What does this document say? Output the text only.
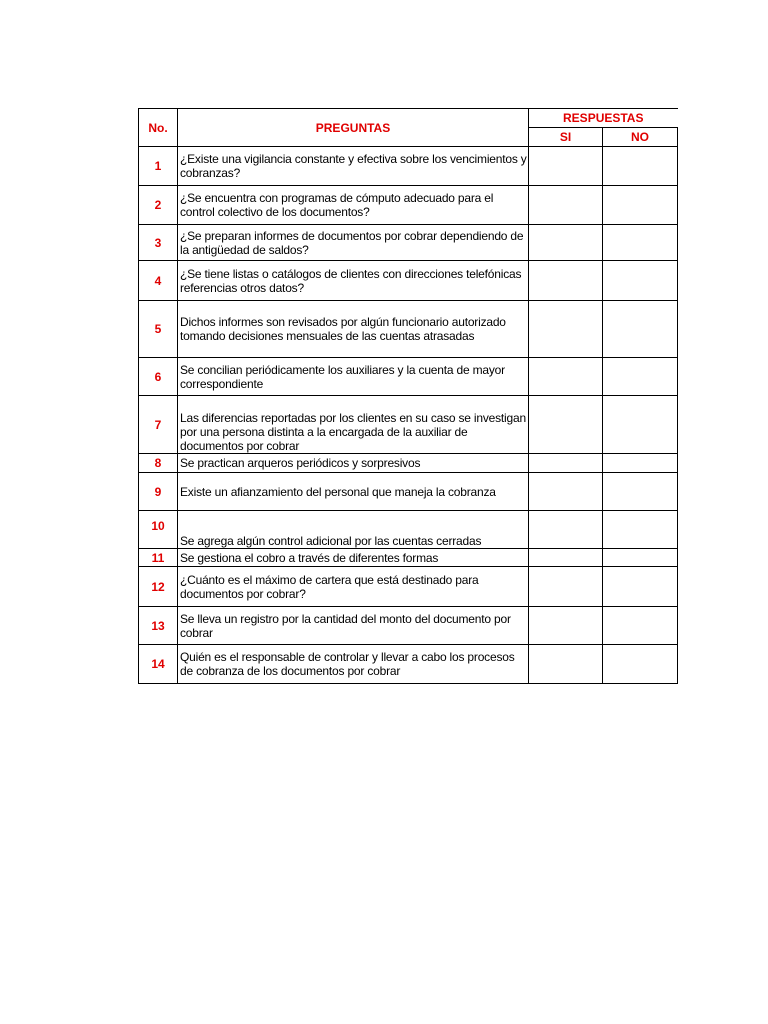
No.	PREGUNTAS	RESPUESTAS	
		SI	NO
1	¿Existe una vigilancia constante y efectiva sobre los vencimientos y cobranzas?		
2	¿Se encuentra con programas de cómputo adecuado para el control colectivo de los documentos?		
3	¿Se preparan informes de documentos por cobrar dependiendo de la antigüedad de saldos?		
4	¿Se tiene listas o catálogos de clientes con direcciones telefónicas referencias otros datos?		
5	Dichos informes son revisados por algún funcionario autorizado tomando decisiones mensuales de las cuentas atrasadas		
6	Se concilian periódicamente los auxiliares y la cuenta de mayor correspondiente		
7	Las diferencias reportadas por los clientes en su caso se investigan por una persona distinta a la encargada de la auxiliar de documentos por cobrar		
8	Se practican arqueros periódicos y sorpresivos		
9	Existe un afianzamiento del personal que maneja la cobranza		
10	Se agrega algún control adicional por las cuentas cerradas		
11	Se gestiona el cobro a través de diferentes formas		
12	¿Cuánto es el máximo de cartera que está destinado para documentos por cobrar?		
13	Se lleva un registro por la cantidad del monto del documento por cobrar		
14	Quién es el responsable de controlar y llevar a cabo los procesos de cobranza de los documentos por cobrar		
